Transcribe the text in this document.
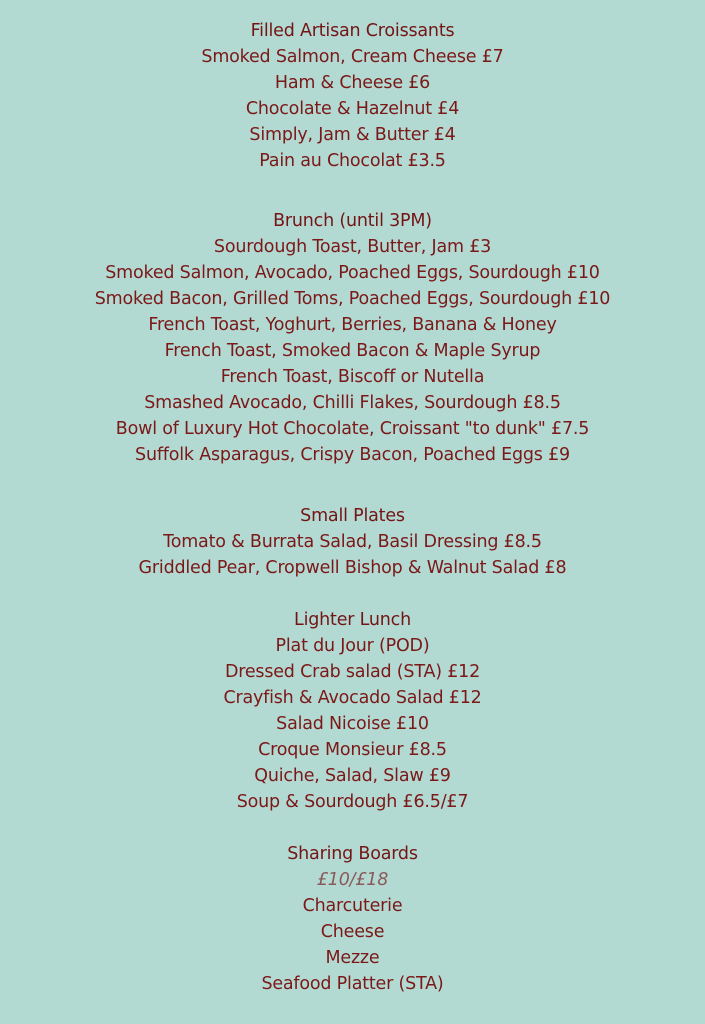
Filled Artisan Croissants
Smoked Salmon, Cream Cheese £7
Ham & Cheese £6
Chocolate & Hazelnut £4
Simply, Jam & Butter £4
Pain au Chocolat £3.5
Brunch (until 3PM)
Sourdough Toast, Butter, Jam £3
Smoked Salmon, Avocado, Poached Eggs, Sourdough £10
Smoked Bacon, Grilled Toms, Poached Eggs, Sourdough £10
French Toast, Yoghurt, Berries, Banana & Honey
French Toast, Smoked Bacon & Maple Syrup
French Toast, Biscoff or Nutella
Smashed Avocado, Chilli Flakes, Sourdough £8.5
Bowl of Luxury Hot Chocolate, Croissant "to dunk" £7.5
Suffolk Asparagus, Crispy Bacon, Poached Eggs £9
Small Plates
Tomato & Burrata Salad, Basil Dressing £8.5
Griddled Pear, Cropwell Bishop & Walnut Salad £8
Lighter Lunch
Plat du Jour (POD)
Dressed Crab salad (STA) £12
Crayfish & Avocado Salad £12
Salad Nicoise £10
Croque Monsieur £8.5
Quiche, Salad, Slaw £9
Soup & Sourdough £6.5/£7
Sharing Boards
£10/£18
Charcuterie
Cheese
Mezze
Seafood Platter (STA)
